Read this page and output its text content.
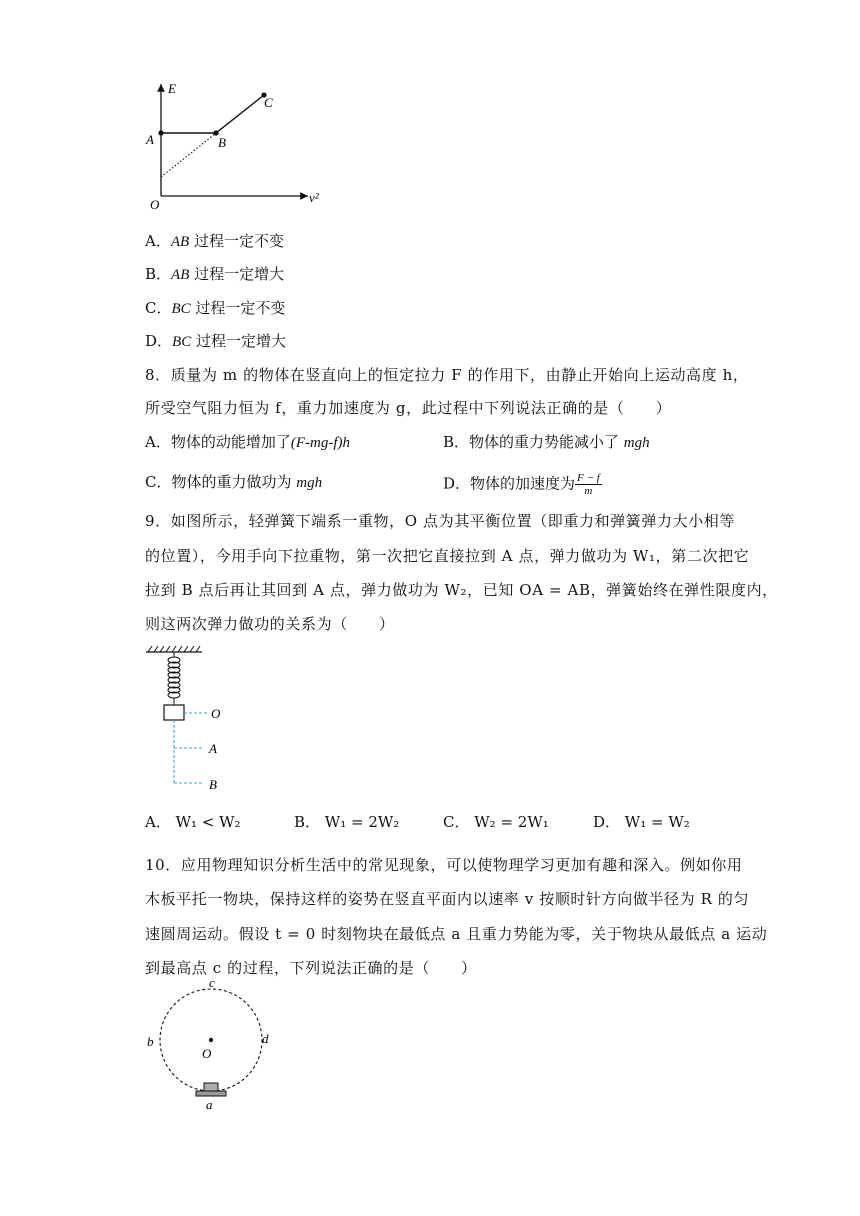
E
A	B
C
O	v²
A．AB 过程一定不变
B．AB 过程一定增大
C．BC 过程一定不变
D．BC 过程一定增大
8．质量为 m 的物体在竖直向上的恒定拉力 F 的作用下，由静止开始向上运动高度 h，
所受空气阻力恒为 f，重力加速度为 g，此过程中下列说法正确的是（　　）
A．物体的动能增加了(F-mg-f)h	B．物体的重力势能减小了 mgh
C．物体的重力做功为 mgh	D．物体的加速度为 $\frac{F - f}{m}$
9．如图所示，轻弹簧下端系一重物，O 点为其平衡位置（即重力和弹簧弹力大小相等
的位置），今用手向下拉重物，第一次把它直接拉到 A 点，弹力做功为 W₁，第二次把它
拉到 B 点后再让其回到 A 点，弹力做功为 W₂，已知 OA = AB，弹簧始终在弹性限度内，
则这两次弹力做功的关系为（　　）
O
A
B
A． W₁ < W₂	B． W₁ = 2W₂	C． W₂ = 2W₁	D． W₁ = W₂
10．应用物理知识分析生活中的常见现象，可以使物理学习更加有趣和深入。例如你用
木板平托一物块，保持这样的姿势在竖直平面内以速率 v 按顺时针方向做半径为 R 的匀
速圆周运动。假设 t = 0 时刻物块在最低点 a 且重力势能为零，关于物块从最低点 a 运动
到最高点 c 的过程，下列说法正确的是（　　）
c
b	d
O
a
